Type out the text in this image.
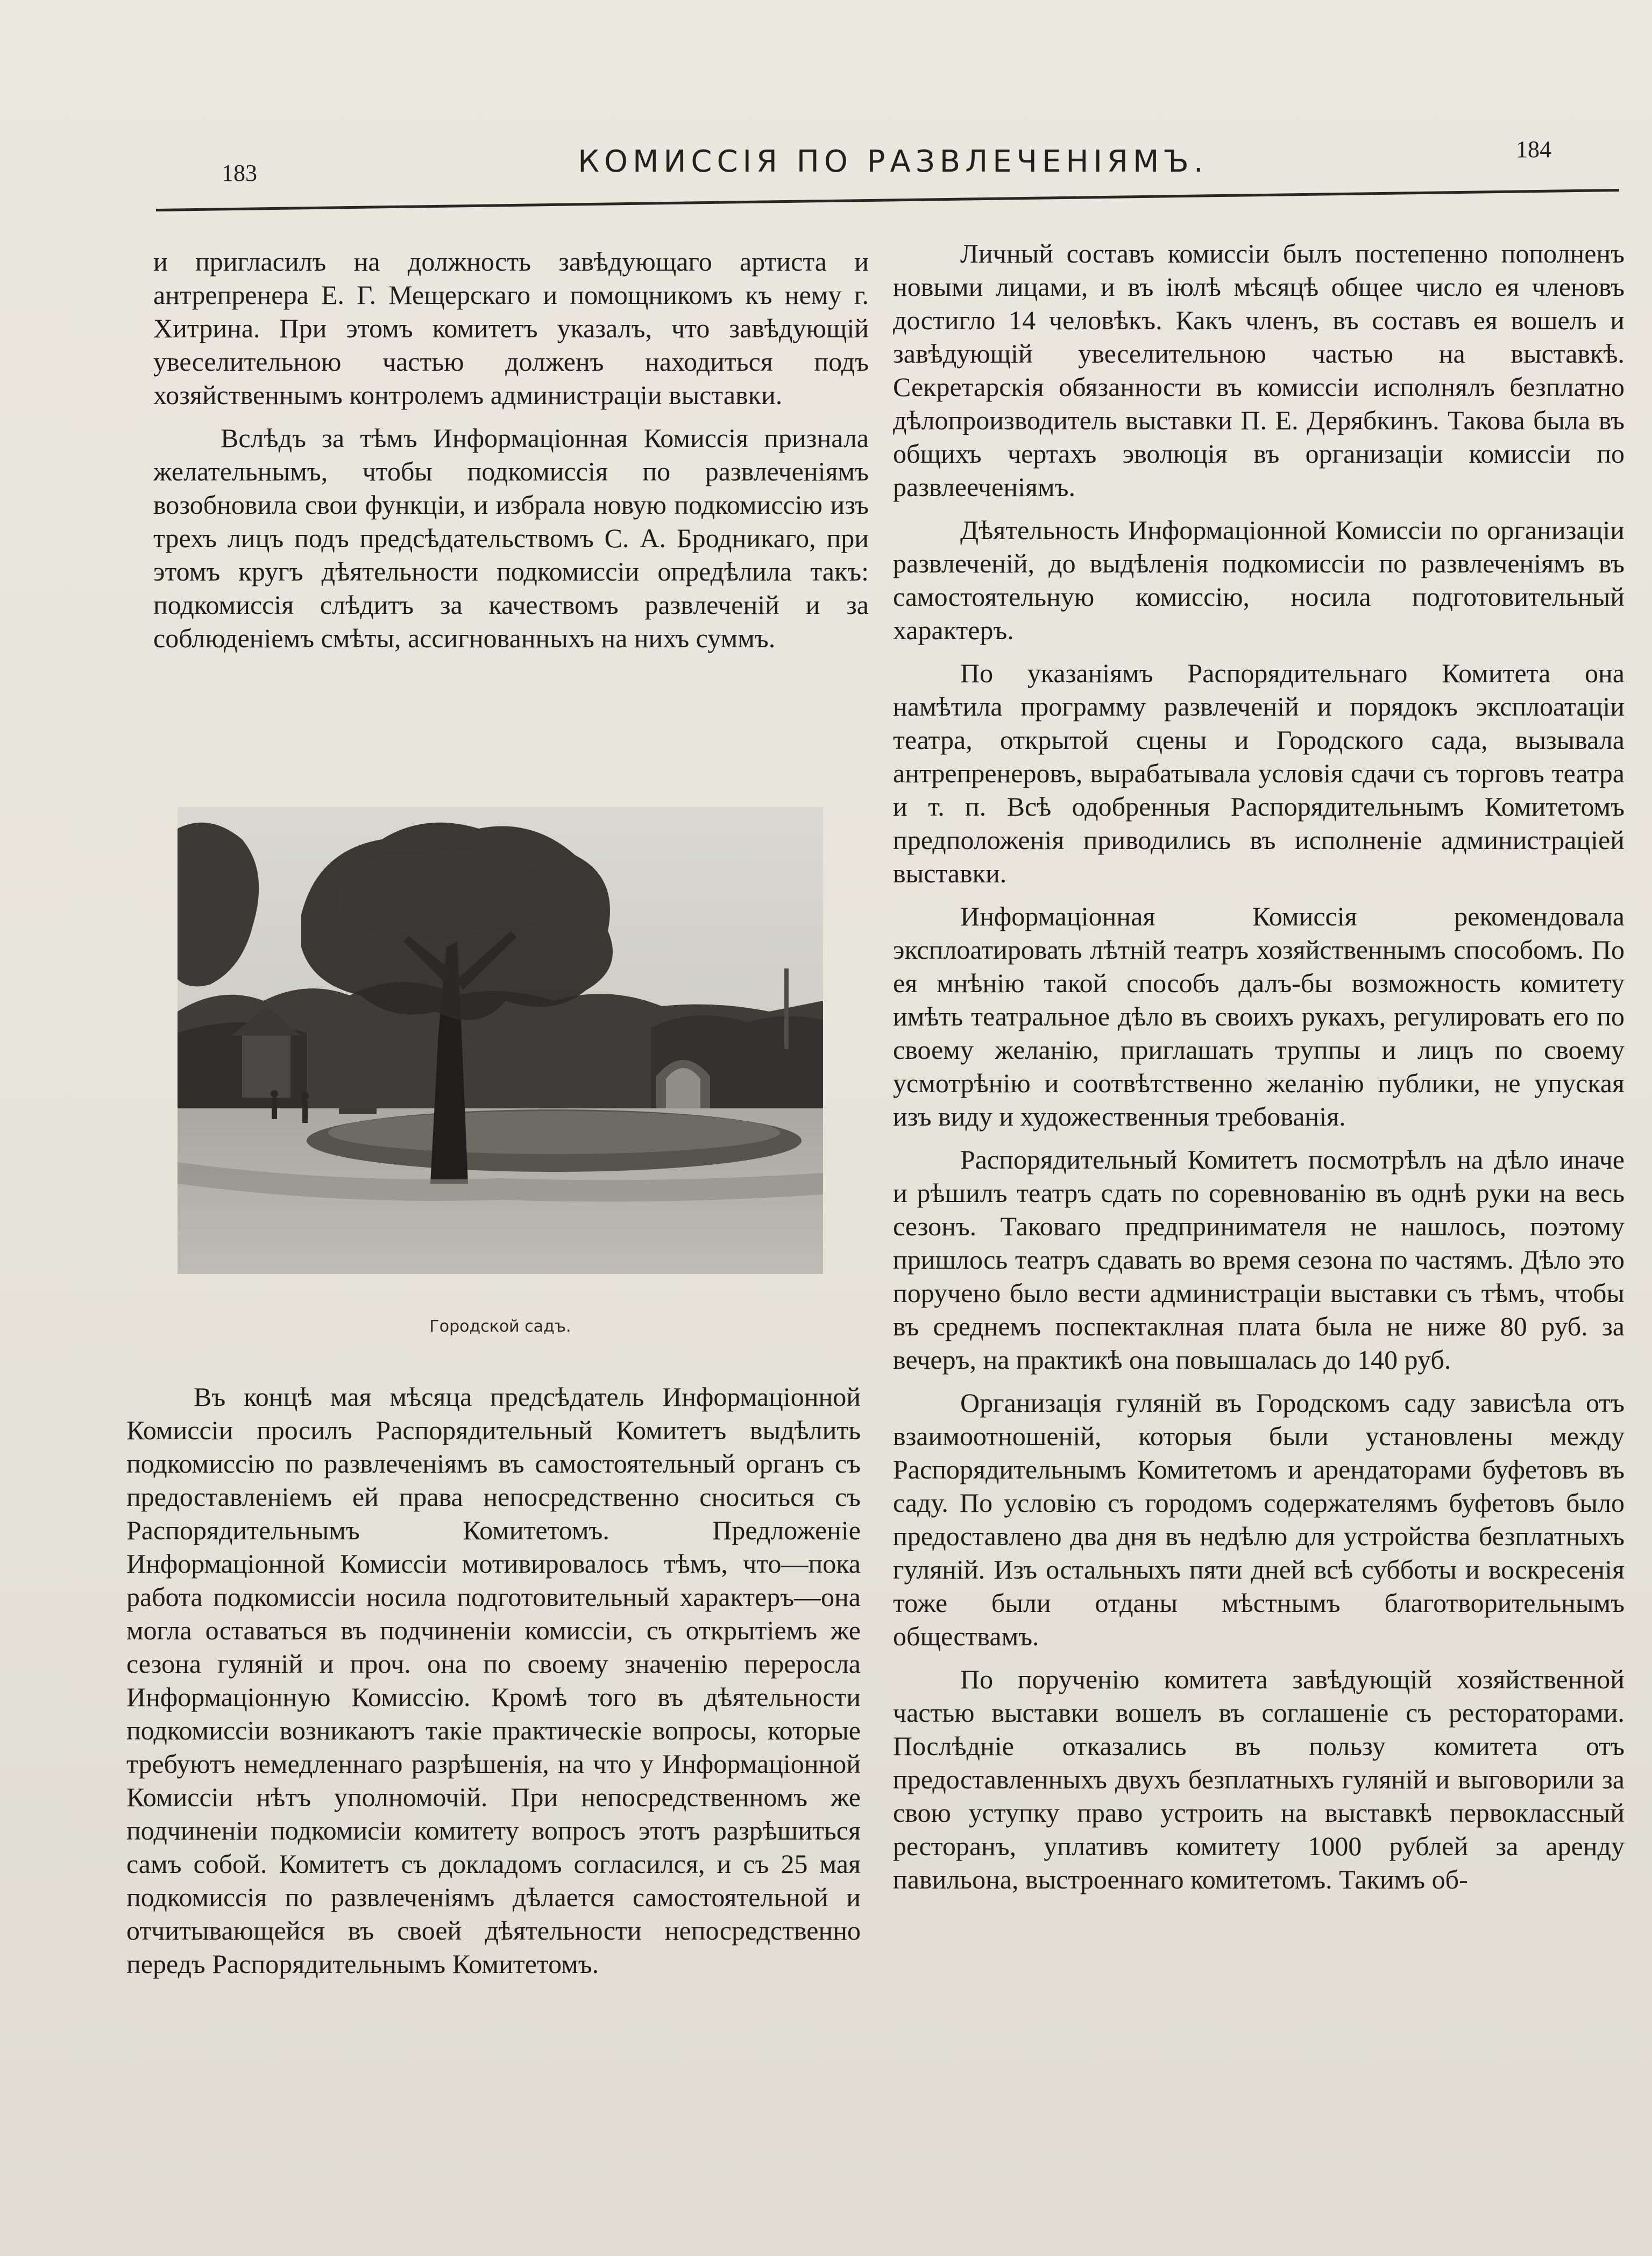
183	КОМИССІЯ ПО РАЗВЛЕЧЕНІЯМЪ.	184

и пригласилъ на должность завѣдующаго артиста и антрепренера Е. Г. Мещерскаго и помощникомъ къ нему г. Хитрина. При этомъ комитетъ указалъ, что завѣдующій увеселительною частью долженъ находиться подъ хозяйственнымъ контролемъ администраціи выставки.

Вслѣдъ за тѣмъ Информаціонная Комиссія признала желательнымъ, чтобы подкомиссія по развлеченіямъ возобновила свои функціи, и избрала новую подкомиссію изъ трехъ лицъ подъ предсѣдательствомъ С. А. Бродникаго, при этомъ кругъ дѣятельности подкомиссіи опредѣлила такъ: подкомиссія слѣдитъ за качествомъ развлеченій и за соблюденіемъ смѣты, ассигнованныхъ на нихъ суммъ.

Городской садъ.

Въ концѣ мая мѣсяца предсѣдатель Информаціонной Комиссіи просилъ Распорядительный Комитетъ выдѣлить подкомиссію по развлеченіямъ въ самостоятельный органъ съ предоставленіемъ ей права непосредственно сноситься съ Распорядительнымъ Комитетомъ. Предложеніе Информаціонной Комиссіи мотивировалось тѣмъ, что—пока работа подкомиссіи носила подготовительный характеръ—она могла оставаться въ подчиненіи комиссіи, съ открытіемъ же сезона гуляній и проч. она по своему значенію переросла Информаціонную Комиссію. Кромѣ того въ дѣятельности подкомиссіи возникаютъ такіе практическіе вопросы, которые требуютъ немедленнаго разрѣшенія, на что у Информаціонной Комиссіи нѣтъ уполномочій. При непосредственномъ же подчиненіи подкомисіи комитету вопросъ этотъ разрѣшиться самъ собой. Комитетъ съ докладомъ согласился, и съ 25 мая подкомиссія по развлеченіямъ дѣлается самостоятельной и отчитывающейся въ своей дѣятельности непосредственно передъ Распорядительнымъ Комитетомъ.

Личный составъ комиссіи былъ постепенно пополненъ новыми лицами, и въ іюлѣ мѣсяцѣ общее число ея членовъ достигло 14 человѣкъ. Какъ членъ, въ составъ ея вошелъ и завѣдующій увеселительною частью на выставкѣ. Секретарскія обязанности въ комиссіи исполнялъ безплатно дѣлопроизводитель выставки П. Е. Дерябкинъ. Такова была въ общихъ чертахъ эволюція въ организаціи комиссіи по развлееченіямъ.

Дѣятельность Информаціонной Комиссіи по организаціи развлеченій, до выдѣленія подкомиссіи по развлеченіямъ въ самостоятельную комиссію, носила подготовительный характеръ.

По указаніямъ Распорядительнаго Комитета она намѣтила программу развлеченій и порядокъ эксплоатаціи театра, открытой сцены и Городского сада, вызывала антрепренеровъ, вырабатывала условія сдачи съ торговъ театра и т. п. Всѣ одобренныя Распорядительнымъ Комитетомъ предположенія приводились въ исполненіе администраціей выставки.

Информаціонная Комиссія рекомендовала эксплоатировать лѣтній театръ хозяйственнымъ способомъ. По ея мнѣнію такой способъ далъ-бы возможность комитету имѣть театральное дѣло въ своихъ рукахъ, регулировать его по своему желанію, приглашать труппы и лицъ по своему усмотрѣнію и соотвѣтственно желанію публики, не упуская изъ виду и художественныя требованія.

Распорядительный Комитетъ посмотрѣлъ на дѣло иначе и рѣшилъ театръ сдать по соревнованію въ однѣ руки на весь сезонъ. Таковаго предпринимателя не нашлось, поэтому пришлось театръ сдавать во время сезона по частямъ. Дѣло это поручено было вести администраціи выставки съ тѣмъ, чтобы въ среднемъ поспектаклная плата была не ниже 80 руб. за вечеръ, на практикѣ она повышалась до 140 руб.

Организація гуляній въ Городскомъ саду зависѣла отъ взаимоотношеній, которыя были установлены между Распорядительнымъ Комитетомъ и арендаторами буфетовъ въ саду. По условію съ городомъ содержателямъ буфетовъ было предоставлено два дня въ недѣлю для устройства безплатныхъ гуляній. Изъ остальныхъ пяти дней всѣ субботы и воскресенія тоже были отданы мѣстнымъ благотворительнымъ обществамъ.

По порученію комитета завѣдующій хозяйственной частью выставки вошелъ въ соглашеніе съ рестораторами. Послѣдніе отказались въ пользу комитета отъ предоставленныхъ двухъ безплатныхъ гуляній и выговорили за свою уступку право устроить на выставкѣ первоклассный ресторанъ, уплативъ комитету 1000 рублей за аренду павильона, выстроеннаго комитетомъ. Такимъ об-
